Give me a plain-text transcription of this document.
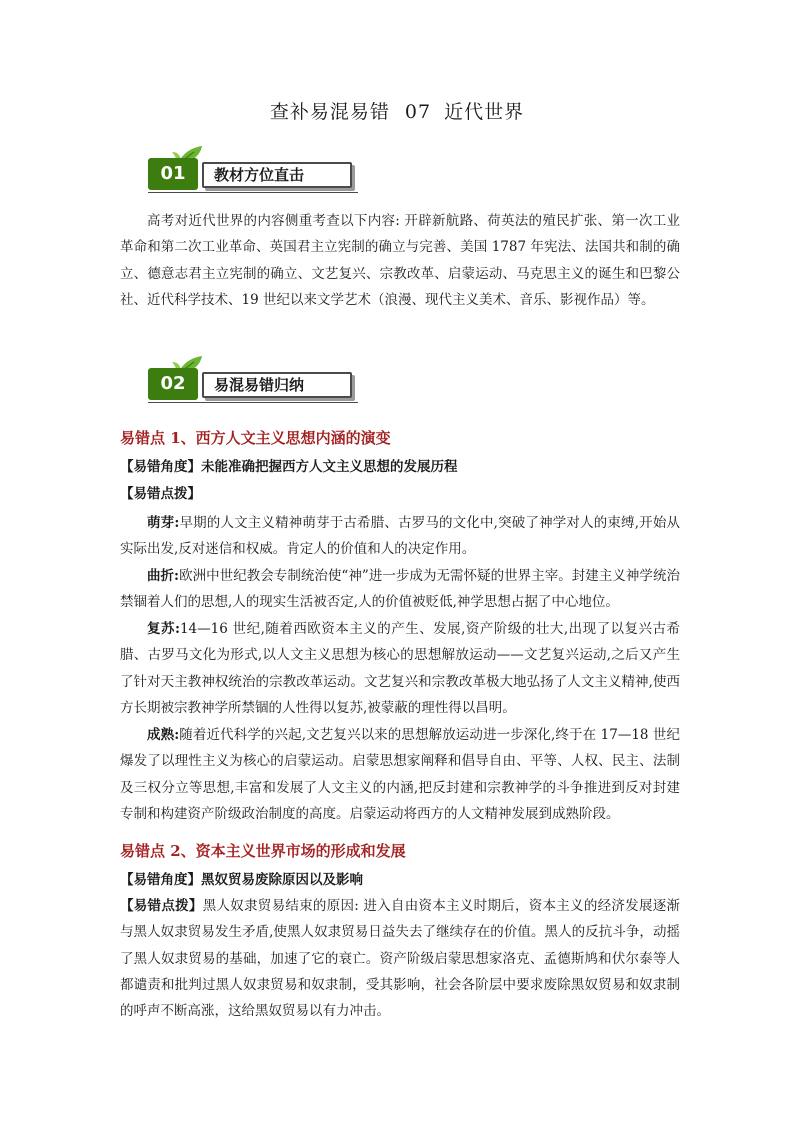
查补易混易错 07 近代世界
01	教材方位直击
高考对近代世界的内容侧重考查以下内容: 开辟新航路、荷英法的殖民扩张、第一次工业革命和第二次工业革命、英国君主立宪制的确立与完善、美国 1787 年宪法、法国共和制的确立、德意志君主立宪制的确立、文艺复兴、宗教改革、启蒙运动、马克思主义的诞生和巴黎公社、近代科学技术、19 世纪以来文学艺术（浪漫、现代主义美术、音乐、影视作品）等。
02	易混易错归纳
易错点 1、西方人文主义思想内涵的演变
【易错角度】未能准确把握西方人文主义思想的发展历程
【易错点拨】
萌芽:早期的人文主义精神萌芽于古希腊、古罗马的文化中,突破了神学对人的束缚,开始从实际出发,反对迷信和权威。肯定人的价值和人的决定作用。
曲折:欧洲中世纪教会专制统治使“神”进一步成为无需怀疑的世界主宰。封建主义神学统治禁锢着人们的思想,人的现实生活被否定,人的价值被贬低,神学思想占据了中心地位。
复苏:14—16 世纪,随着西欧资本主义的产生、发展,资产阶级的壮大,出现了以复兴古希腊、古罗马文化为形式,以人文主义思想为核心的思想解放运动——文艺复兴运动,之后又产生了针对天主教神权统治的宗教改革运动。文艺复兴和宗教改革极大地弘扬了人文主义精神,使西方长期被宗教神学所禁锢的人性得以复苏,被蒙蔽的理性得以昌明。
成熟:随着近代科学的兴起,文艺复兴以来的思想解放运动进一步深化,终于在 17—18 世纪爆发了以理性主义为核心的启蒙运动。启蒙思想家阐释和倡导自由、平等、人权、民主、法制及三权分立等思想,丰富和发展了人文主义的内涵,把反封建和宗教神学的斗争推进到反对封建专制和构建资产阶级政治制度的高度。启蒙运动将西方的人文精神发展到成熟阶段。
易错点 2、资本主义世界市场的形成和发展
【易错角度】黑奴贸易废除原因以及影响
【易错点拨】黑人奴隶贸易结束的原因: 进入自由资本主义时期后，资本主义的经济发展逐渐与黑人奴隶贸易发生矛盾,使黑人奴隶贸易日益失去了继续存在的价值。黑人的反抗斗争，动摇了黑人奴隶贸易的基础，加速了它的衰亡。资产阶级启蒙思想家洛克、孟德斯鸠和伏尔泰等人都谴责和批判过黑人奴隶贸易和奴隶制，受其影响，社会各阶层中要求废除黑奴贸易和奴隶制的呼声不断高涨，这给黑奴贸易以有力冲击。
